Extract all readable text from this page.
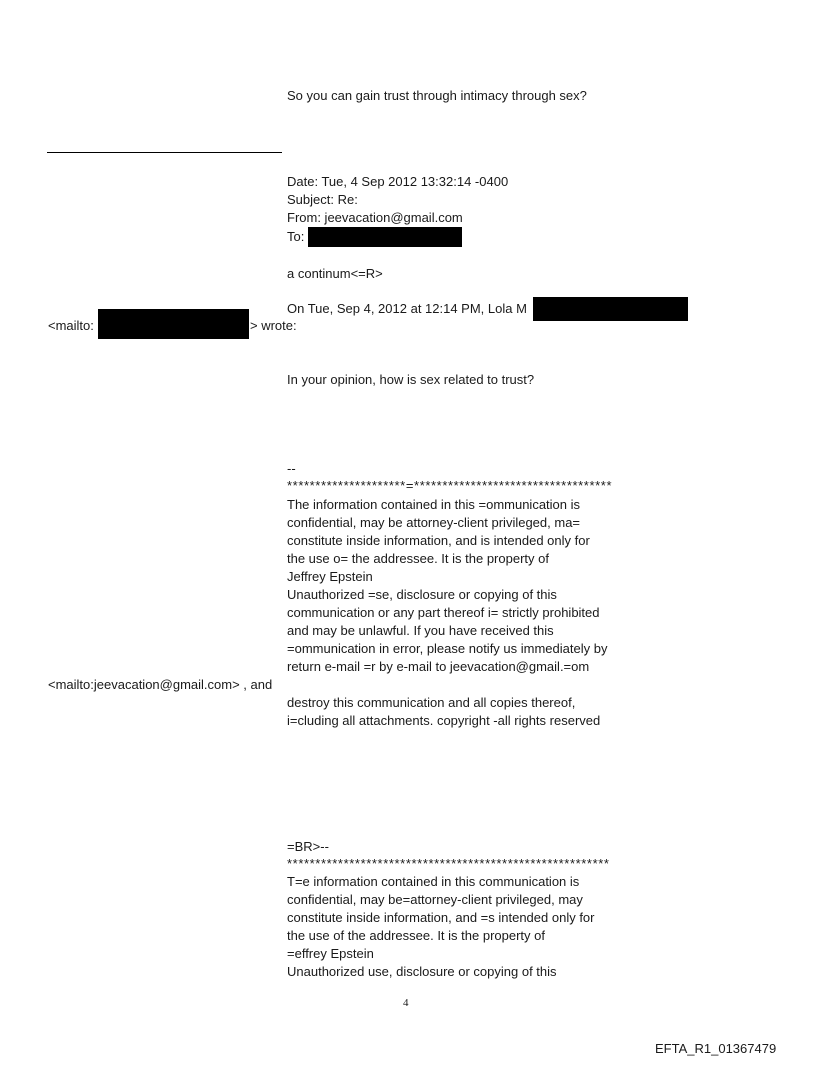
So you can gain trust through intimacy through sex?
Date: Tue, 4 Sep 2012 13:32:14 -0400
Subject: Re:
From: jeevacation@gmail.com
To:
a continum<=R>
On Tue, Sep 4, 2012 at 12:14 PM, Lola M
<mailto:	> wrote:
In your opinion, how is sex related to trust?
--
*********************=***********************************
The information contained in this =ommunication is
confidential, may be attorney-client privileged, ma=
constitute inside information, and is intended only for
the use o= the addressee. It is the property of
Jeffrey Epstein
Unauthorized =se, disclosure or copying of this
communication or any part thereof i= strictly prohibited
and may be unlawful. If you have received this
=ommunication in error, please notify us immediately by
return e-mail =r by e-mail to jeevacation@gmail.=om
<mailto:jeevacation@gmail.com> , and
destroy this communication and all copies thereof,
i=cluding all attachments. copyright -all rights reserved
=BR>--
*********************************************************
T=e information contained in this communication is
confidential, may be=attorney-client privileged, may
constitute inside information, and =s intended only for
the use of the addressee. It is the property of
=effrey Epstein
Unauthorized use, disclosure or copying of this
4
EFTA_R1_01367479
